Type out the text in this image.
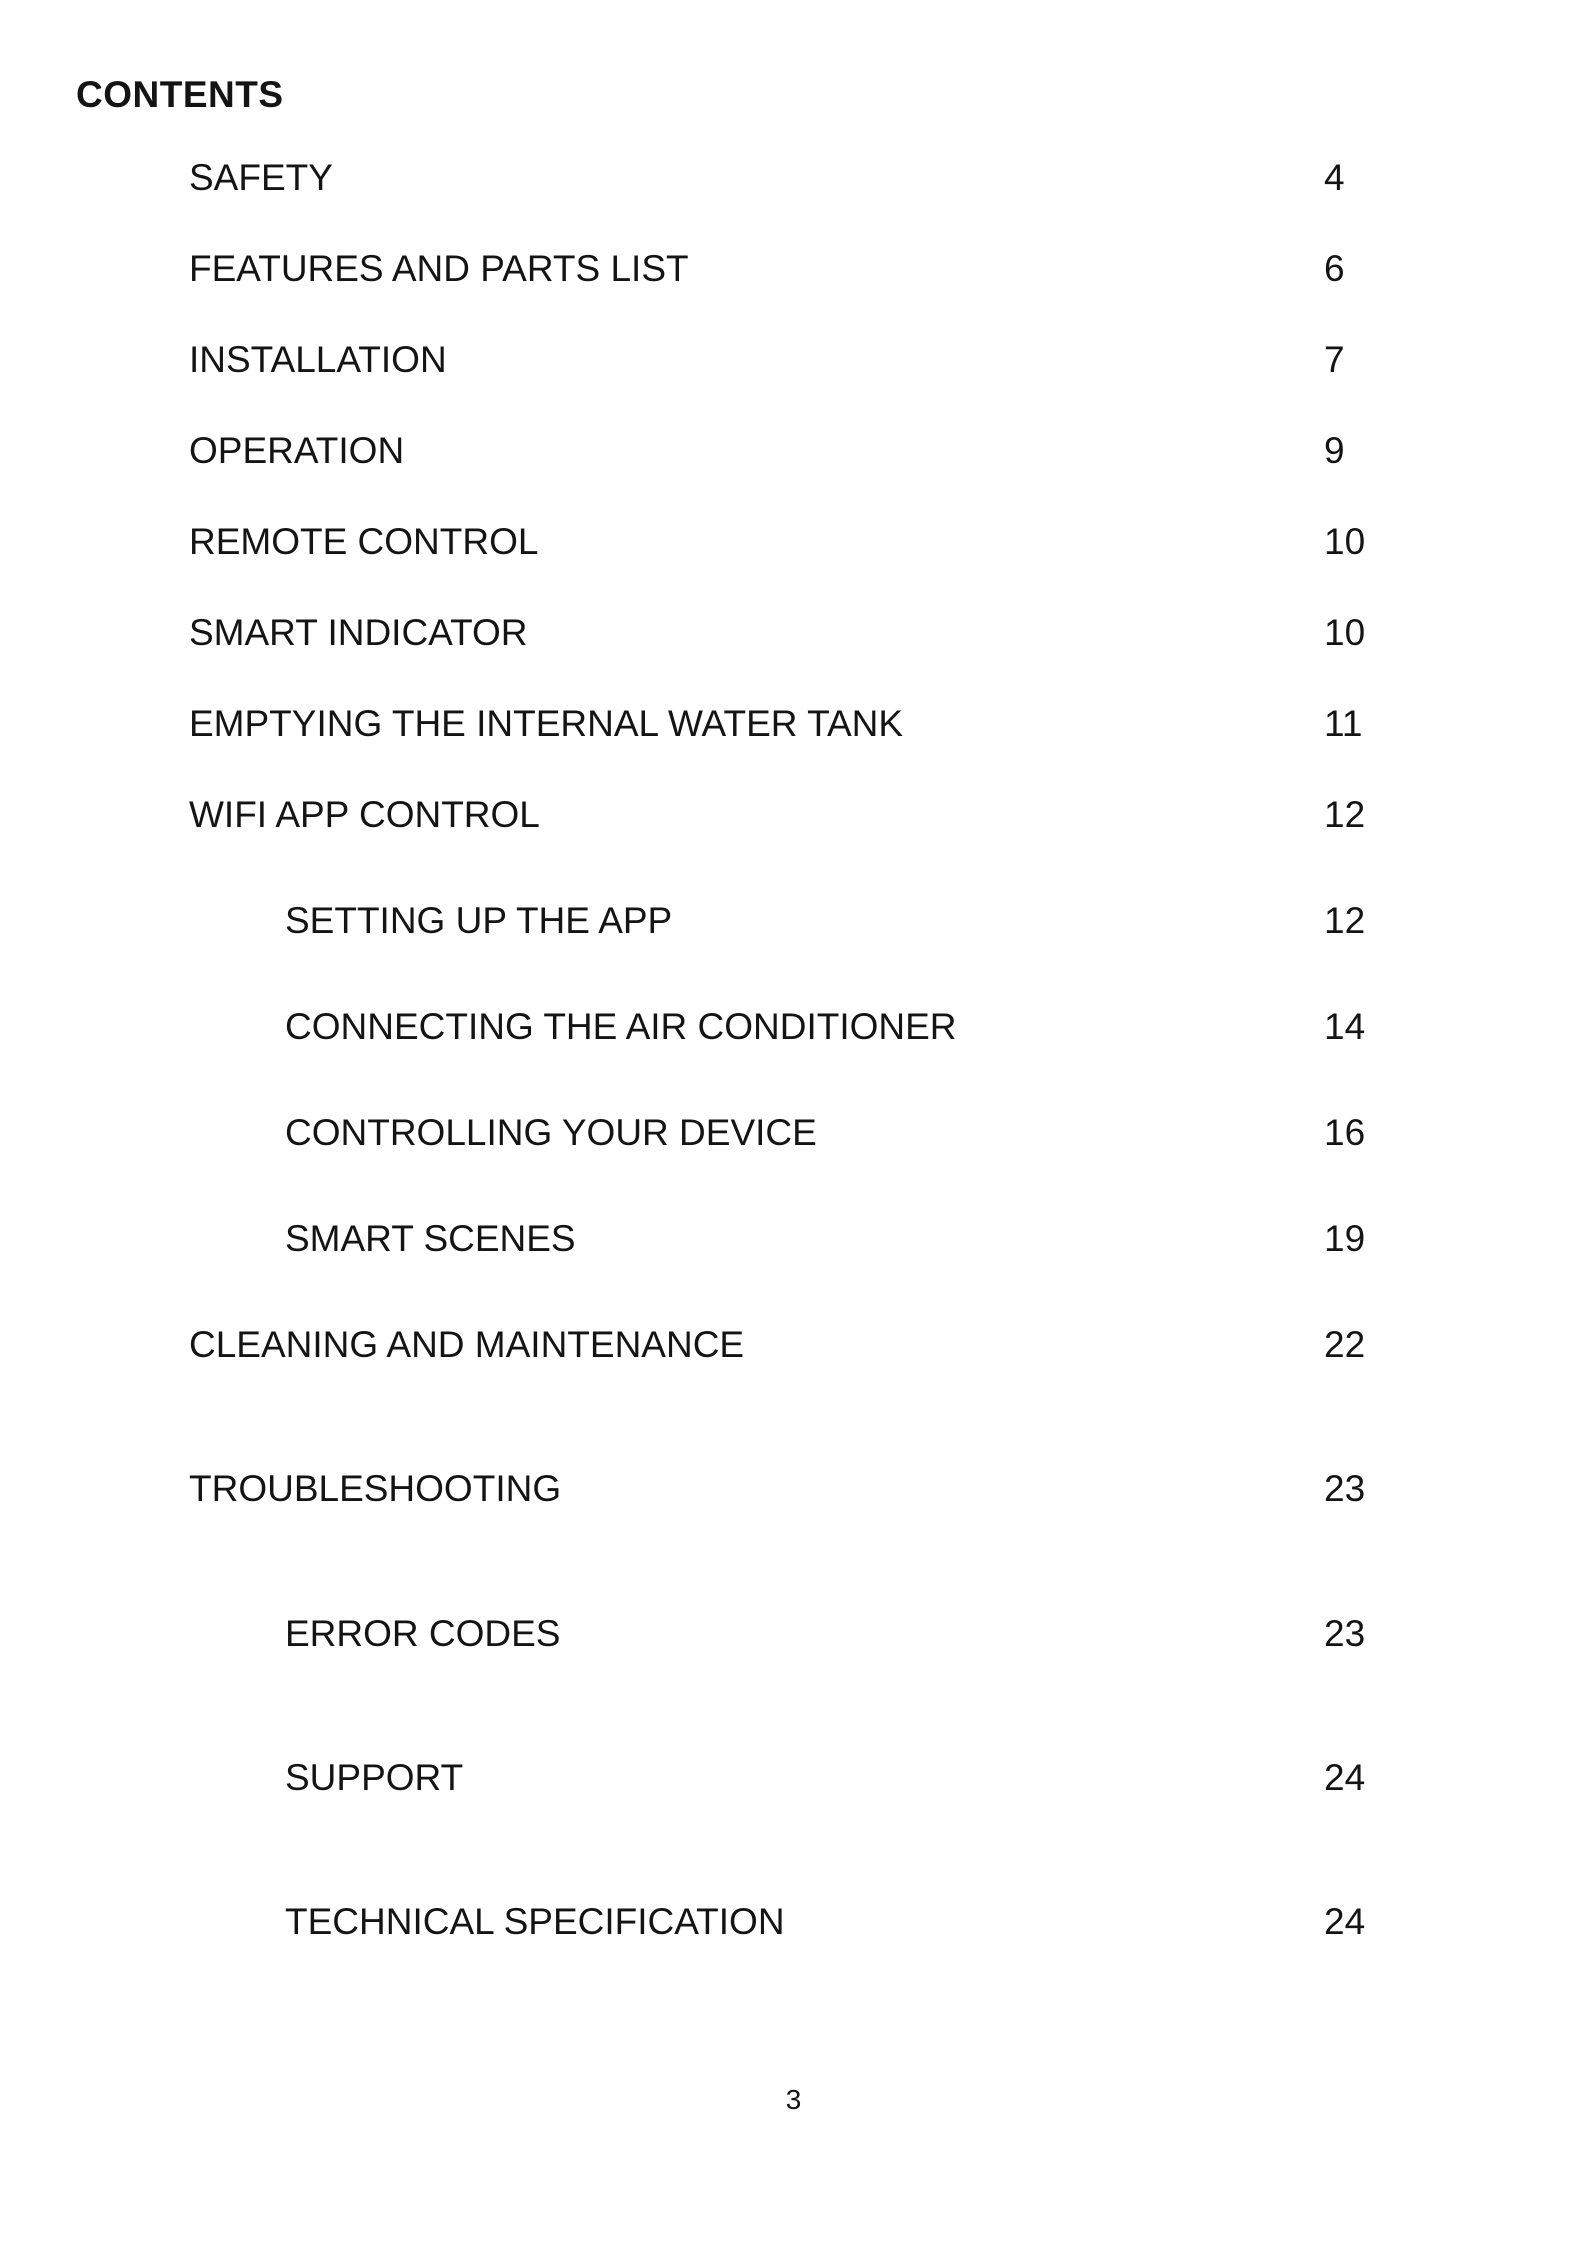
CONTENTS
SAFETY	4
FEATURES AND PARTS LIST	6
INSTALLATION	7
OPERATION	9
REMOTE CONTROL	10
SMART INDICATOR	10
EMPTYING THE INTERNAL WATER TANK	11
WIFI APP CONTROL	12
SETTING UP THE APP	12
CONNECTING THE AIR CONDITIONER	14
CONTROLLING YOUR DEVICE	16
SMART SCENES	19
CLEANING AND MAINTENANCE	22
TROUBLESHOOTING	23
ERROR CODES	23
SUPPORT	24
TECHNICAL SPECIFICATION	24
3
